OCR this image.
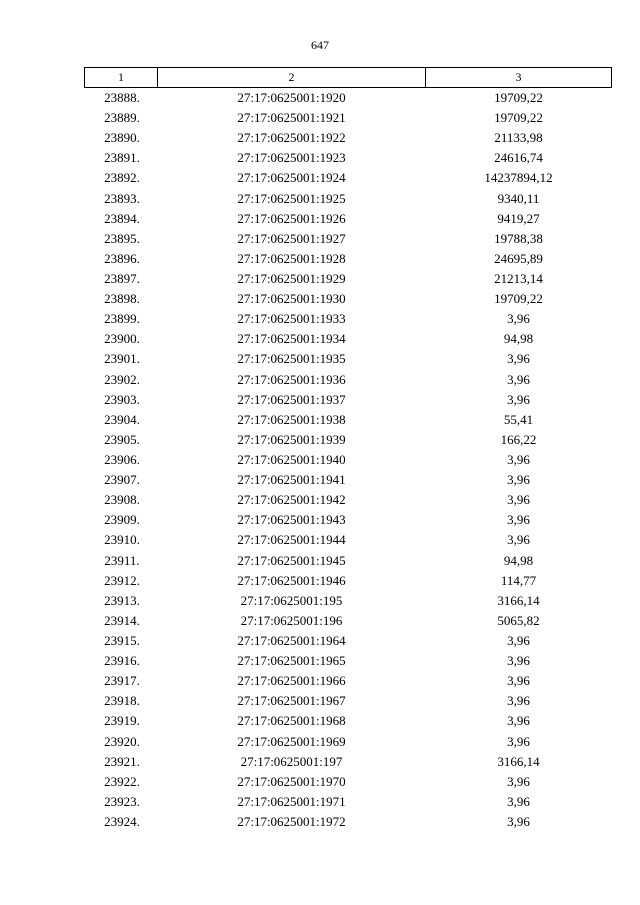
647
1	2	3
23888.	27:17:0625001:1920	19709,22
23889.	27:17:0625001:1921	19709,22
23890.	27:17:0625001:1922	21133,98
23891.	27:17:0625001:1923	24616,74
23892.	27:17:0625001:1924	14237894,12
23893.	27:17:0625001:1925	9340,11
23894.	27:17:0625001:1926	9419,27
23895.	27:17:0625001:1927	19788,38
23896.	27:17:0625001:1928	24695,89
23897.	27:17:0625001:1929	21213,14
23898.	27:17:0625001:1930	19709,22
23899.	27:17:0625001:1933	3,96
23900.	27:17:0625001:1934	94,98
23901.	27:17:0625001:1935	3,96
23902.	27:17:0625001:1936	3,96
23903.	27:17:0625001:1937	3,96
23904.	27:17:0625001:1938	55,41
23905.	27:17:0625001:1939	166,22
23906.	27:17:0625001:1940	3,96
23907.	27:17:0625001:1941	3,96
23908.	27:17:0625001:1942	3,96
23909.	27:17:0625001:1943	3,96
23910.	27:17:0625001:1944	3,96
23911.	27:17:0625001:1945	94,98
23912.	27:17:0625001:1946	114,77
23913.	27:17:0625001:195	3166,14
23914.	27:17:0625001:196	5065,82
23915.	27:17:0625001:1964	3,96
23916.	27:17:0625001:1965	3,96
23917.	27:17:0625001:1966	3,96
23918.	27:17:0625001:1967	3,96
23919.	27:17:0625001:1968	3,96
23920.	27:17:0625001:1969	3,96
23921.	27:17:0625001:197	3166,14
23922.	27:17:0625001:1970	3,96
23923.	27:17:0625001:1971	3,96
23924.	27:17:0625001:1972	3,96
